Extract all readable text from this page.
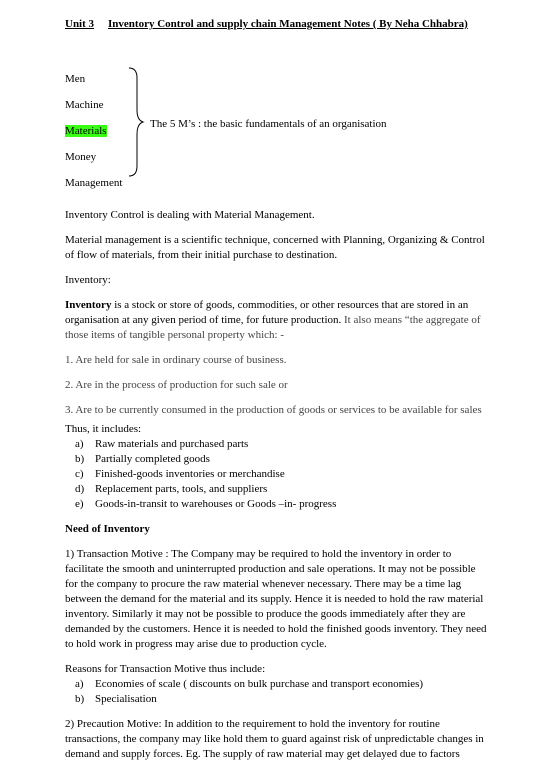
Unit 3 Inventory Control and supply chain Management Notes ( By Neha Chhabra)
Men
Machine
Materials
Money
Management
The 5 M’s : the basic fundamentals of an organisation

Inventory Control is dealing with Material Management.

Material management is a scientific technique, concerned with Planning, Organizing & Control of flow of materials, from their initial purchase to destination.

Inventory:

Inventory is a stock or store of goods, commodities, or other resources that are stored in an organisation at any given period of time, for future production. It also means “the aggregate of those items of tangible personal property which: -

1. Are held for sale in ordinary course of business.

2. Are in the process of production for such sale or

3. Are to be currently consumed in the production of goods or services to be available for sales

Thus, it includes:
Raw materials and purchased parts
Partially completed goods
Finished-goods inventories or merchandise
Replacement parts, tools, and suppliers
Goods-in-transit to warehouses or Goods –in- progress

Need of Inventory

1) Transaction Motive : The Company may be required to hold the inventory in order to facilitate the smooth and uninterrupted production and sale operations. It may not be possible for the company to procure the raw material whenever necessary. There may be a time lag between the demand for the material and its supply. Hence it is needed to hold the raw material inventory. Similarly it may not be possible to produce the goods immediately after they are demanded by the customers. Hence it is needed to hold the finished goods inventory. They need to hold work in progress may arise due to production cycle.

Reasons for Transaction Motive thus include:
Economies of scale ( discounts on bulk purchase and transport economies)
Specialisation

2) Precaution Motive: In addition to the requirement to hold the inventory for routine transactions, the company may like hold them to guard against risk of unpredictable changes in demand and supply forces. Eg. The supply of raw material may get delayed due to factors
